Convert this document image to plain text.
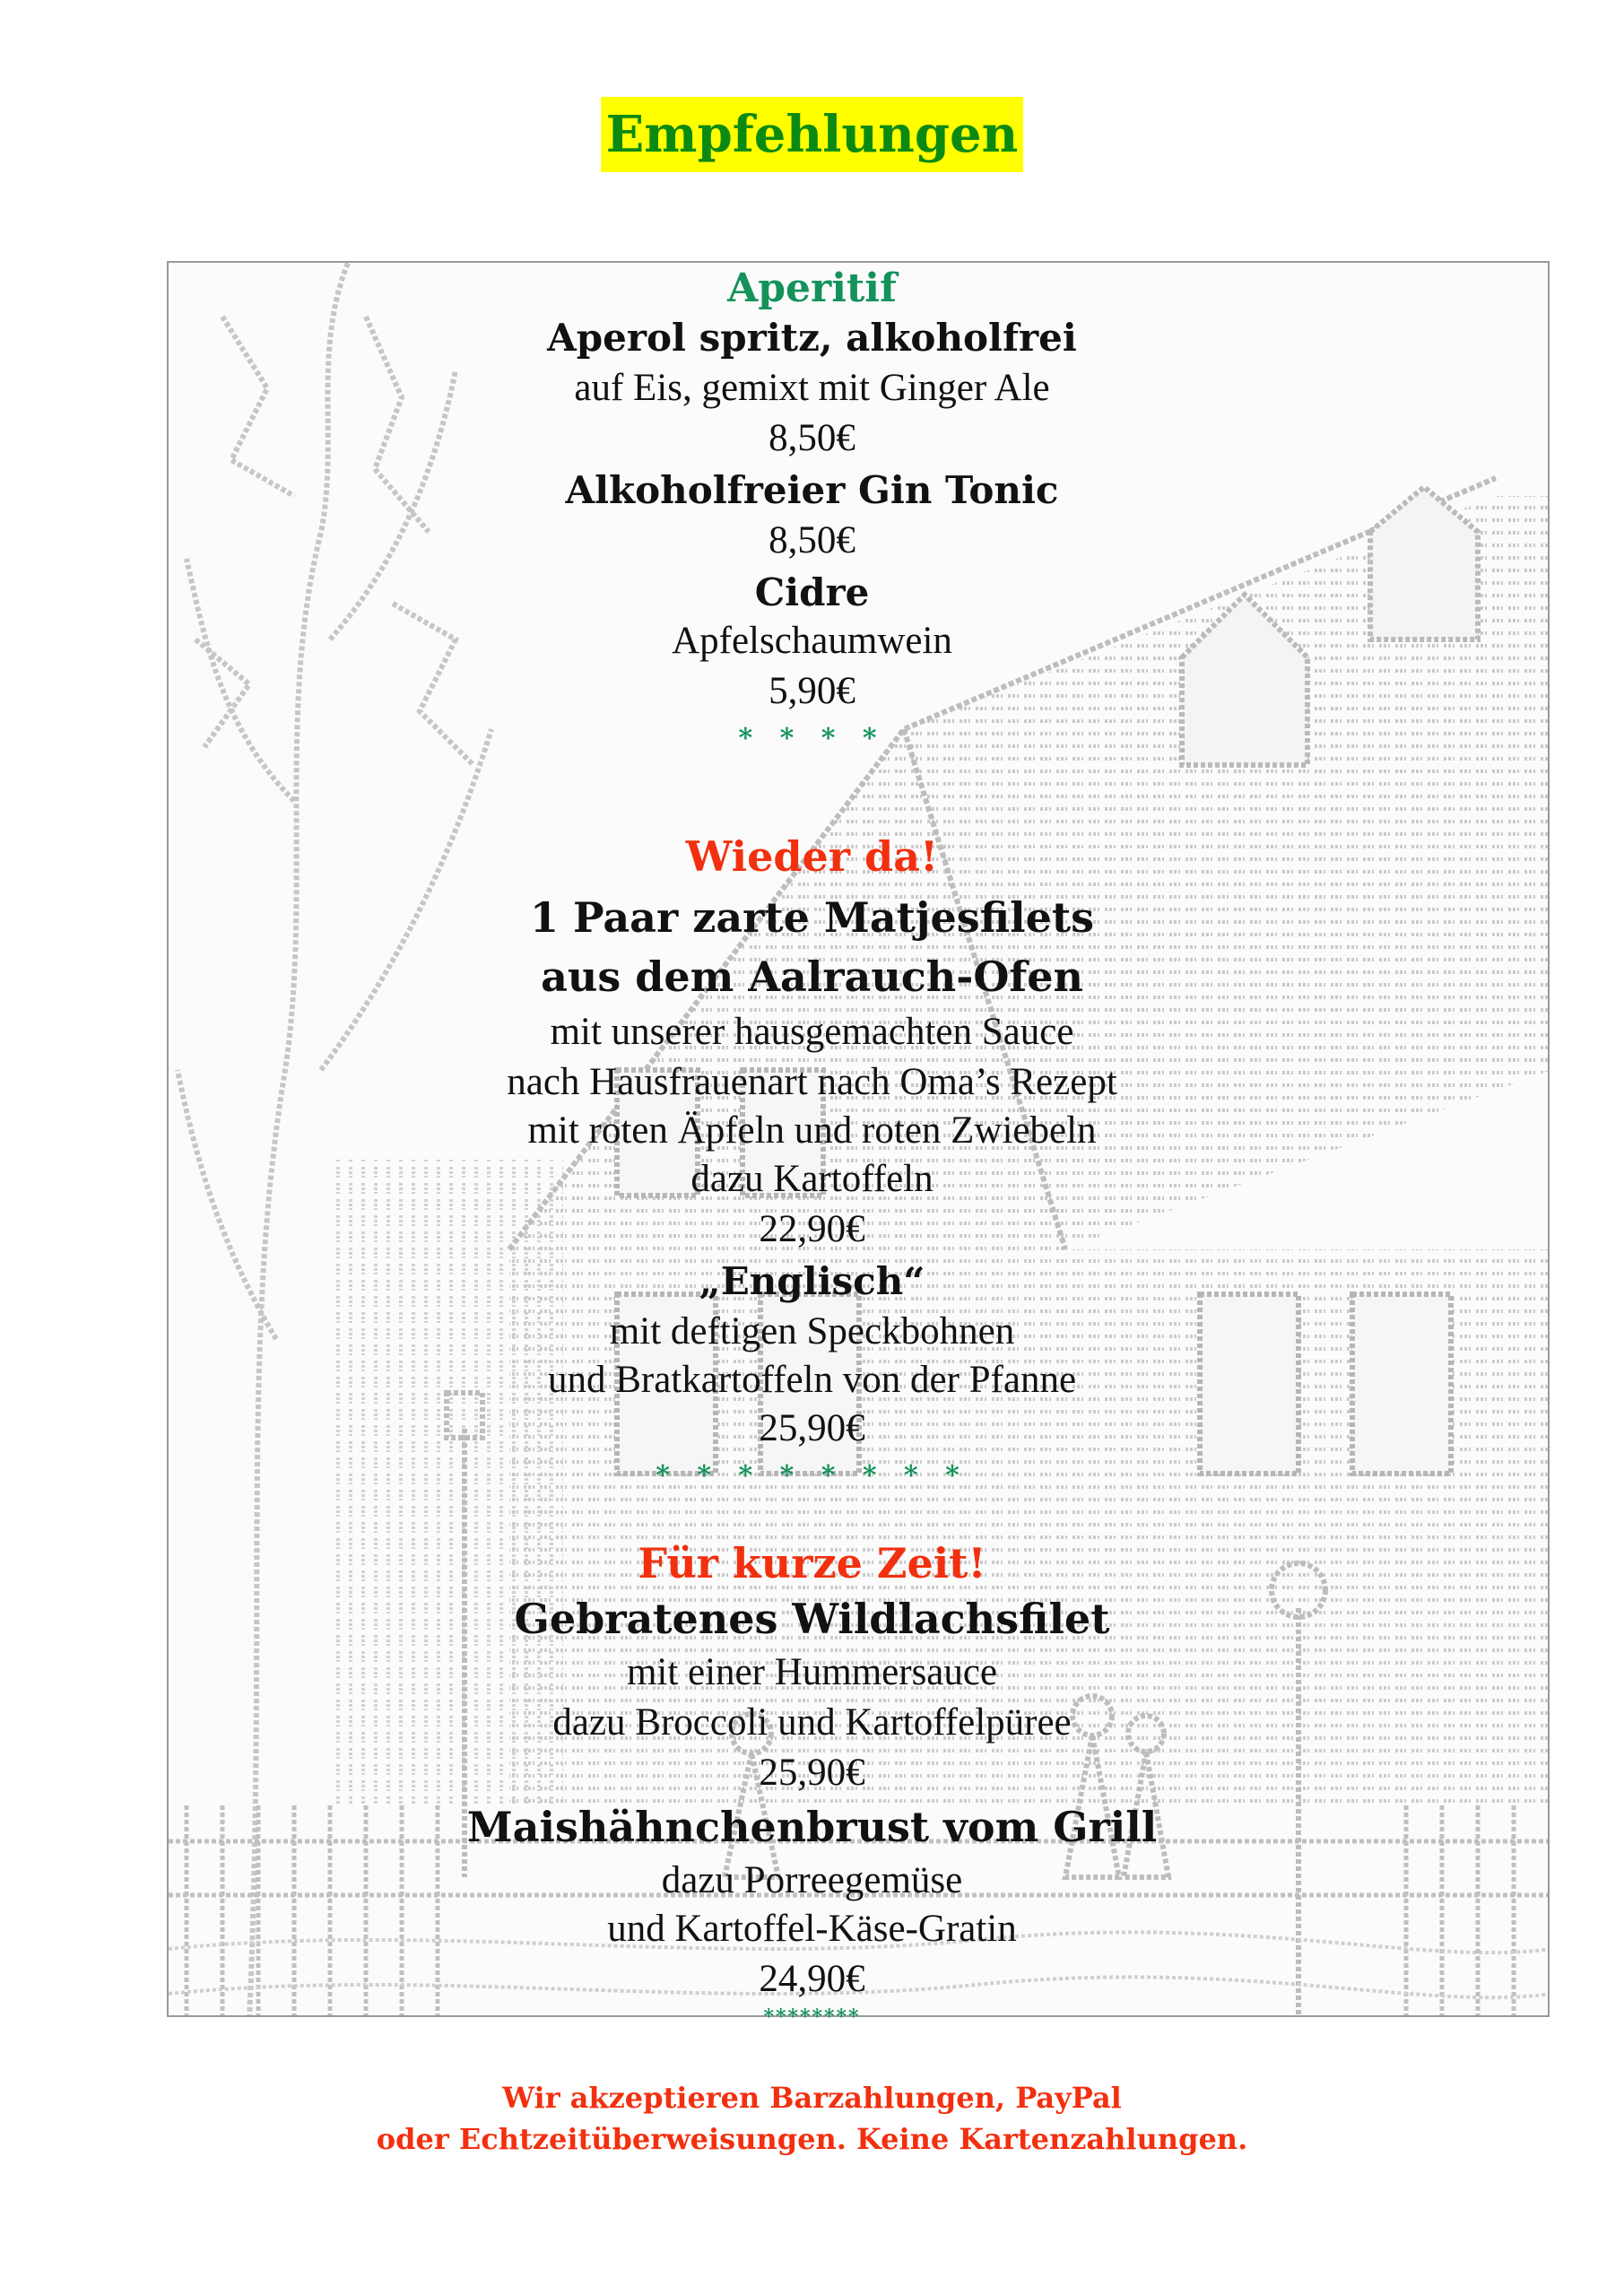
Empfehlungen
Aperitif
Aperol spritz, alkoholfrei
auf Eis, gemixt mit Ginger Ale
8,50€
Alkoholfreier Gin Tonic
8,50€
Cidre
Apfelschaumwein
5,90€
* * * *
Wieder da!
1 Paar zarte Matjesfilets
aus dem Aalrauch-Ofen
mit unserer hausgemachten Sauce
nach Hausfrauenart nach Oma’s Rezept
mit roten Äpfeln und roten Zwiebeln
dazu Kartoffeln
22,90€
„Englisch“
mit deftigen Speckbohnen
und Bratkartoffeln von der Pfanne
25,90€
* * * * * * * *
Für kurze Zeit!
Gebratenes Wildlachsfilet
mit einer Hummersauce
dazu Broccoli und Kartoffelpüree
25,90€
Maishähnchenbrust vom Grill
dazu Porreegemüse
und Kartoffel-Käse-Gratin
24,90€
********
Wir akzeptieren Barzahlungen, PayPal
oder Echtzeitüberweisungen. Keine Kartenzahlungen.
